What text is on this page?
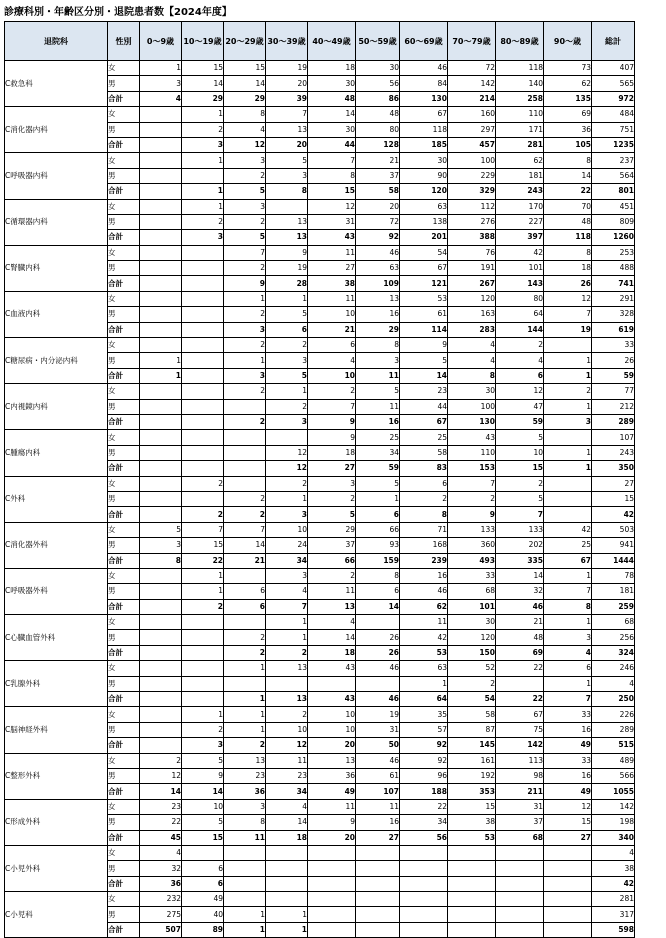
診療科別・年齢区分別・退院患者数【2024年度】
退院科	性別	0～9歳	10～19歳	20～29歳	30～39歳	40～49歳	50～59歳	60～69歳	70～79歳	80～89歳	90～歳	総計
C救急科	女	1	15	15	19	18	30	46	72	118	73	407
	男	3	14	14	20	30	56	84	142	140	62	565
	合計	4	29	29	39	48	86	130	214	258	135	972
C消化器内科	女		1	8	7	14	48	67	160	110	69	484
	男		2	4	13	30	80	118	297	171	36	751
	合計		3	12	20	44	128	185	457	281	105	1235
C呼吸器内科	女		1	3	5	7	21	30	100	62	8	237
	男			2	3	8	37	90	229	181	14	564
	合計		1	5	8	15	58	120	329	243	22	801
C循環器内科	女		1	3		12	20	63	112	170	70	451
	男		2	2	13	31	72	138	276	227	48	809
	合計		3	5	13	43	92	201	388	397	118	1260
C腎臓内科	女			7	9	11	46	54	76	42	8	253
	男			2	19	27	63	67	191	101	18	488
	合計			9	28	38	109	121	267	143	26	741
C血液内科	女			1	1	11	13	53	120	80	12	291
	男			2	5	10	16	61	163	64	7	328
	合計			3	6	21	29	114	283	144	19	619
C糖尿病・内分泌内科	女			2	2	6	8	9	4	2		33
	男	1		1	3	4	3	5	4	4	1	26
	合計	1		3	5	10	11	14	8	6	1	59
C内視鏡内科	女			2	1	2	5	23	30	12	2	77
	男				2	7	11	44	100	47	1	212
	合計			2	3	9	16	67	130	59	3	289
C腫瘍内科	女					9	25	25	43	5		107
	男				12	18	34	58	110	10	1	243
	合計				12	27	59	83	153	15	1	350
C外科	女		2		2	3	5	6	7	2		27
	男			2	1	2	1	2	2	5		15
	合計		2	2	3	5	6	8	9	7		42
C消化器外科	女	5	7	7	10	29	66	71	133	133	42	503
	男	3	15	14	24	37	93	168	360	202	25	941
	合計	8	22	21	34	66	159	239	493	335	67	1444
C呼吸器外科	女		1		3	2	8	16	33	14	1	78
	男		1	6	4	11	6	46	68	32	7	181
	合計		2	6	7	13	14	62	101	46	8	259
C心臓血管外科	女				1	4		11	30	21	1	68
	男			2	1	14	26	42	120	48	3	256
	合計			2	2	18	26	53	150	69	4	324
C乳腺外科	女			1	13	43	46	63	52	22	6	246
	男							1	2		1	4
	合計			1	13	43	46	64	54	22	7	250
C脳神経外科	女		1	1	2	10	19	35	58	67	33	226
	男		2	1	10	10	31	57	87	75	16	289
	合計		3	2	12	20	50	92	145	142	49	515
C整形外科	女	2	5	13	11	13	46	92	161	113	33	489
	男	12	9	23	23	36	61	96	192	98	16	566
	合計	14	14	36	34	49	107	188	353	211	49	1055
C形成外科	女	23	10	3	4	11	11	22	15	31	12	142
	男	22	5	8	14	9	16	34	38	37	15	198
	合計	45	15	11	18	20	27	56	53	68	27	340
C小児外科	女	4										4
	男	32	6									38
	合計	36	6									42
C小児科	女	232	49									281
	男	275	40	1	1							317
	合計	507	89	1	1							598
